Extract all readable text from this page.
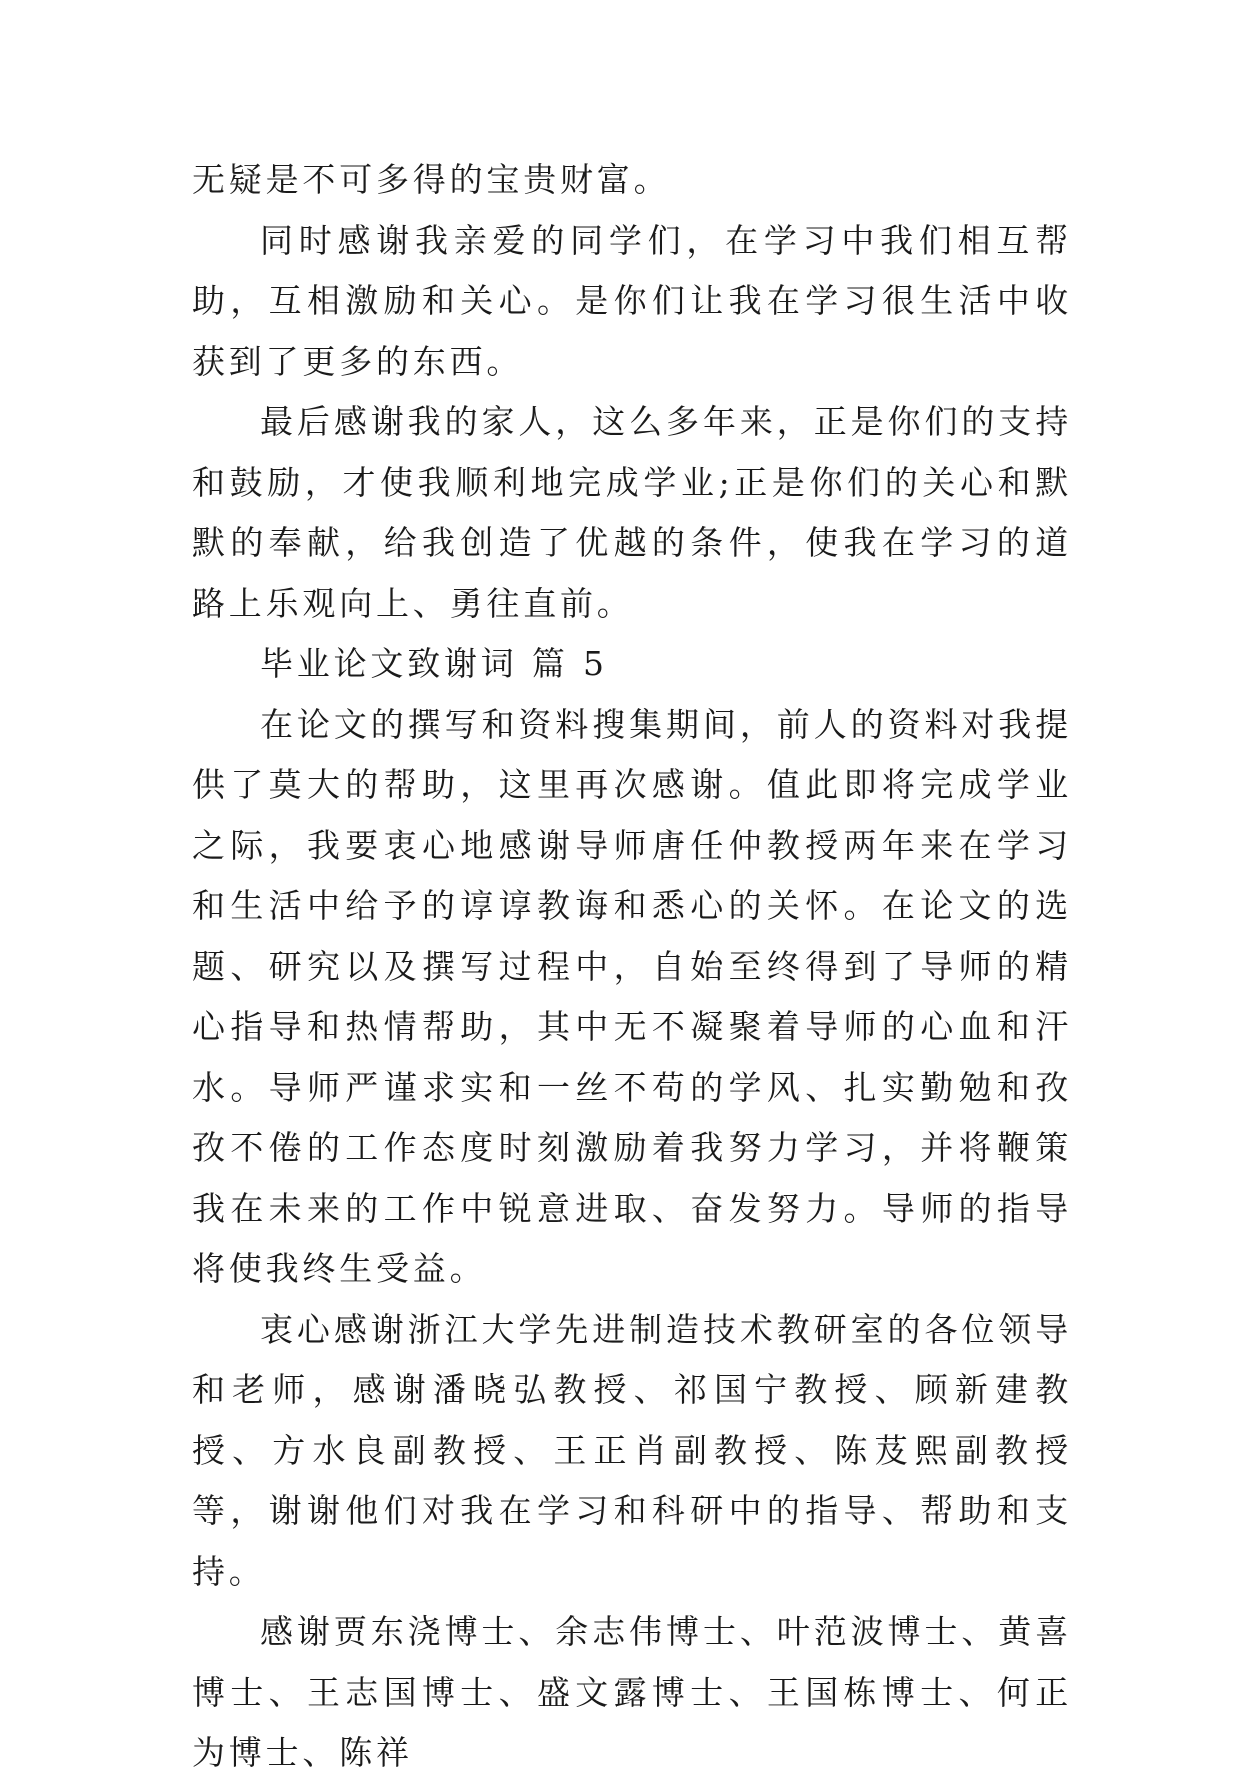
无疑是不可多得的宝贵财富。

同时感谢我亲爱的同学们，在学习中我们相互帮助，互相激励和关心。是你们让我在学习很生活中收获到了更多的东西。

最后感谢我的家人，这么多年来，正是你们的支持和鼓励，才使我顺利地完成学业;正是你们的关心和默默的奉献，给我创造了优越的条件，使我在学习的道路上乐观向上、勇往直前。

毕业论文致谢词 篇 5

在论文的撰写和资料搜集期间，前人的资料对我提供了莫大的帮助，这里再次感谢。值此即将完成学业之际，我要衷心地感谢导师唐任仲教授两年来在学习和生活中给予的谆谆教诲和悉心的关怀。在论文的选题、研究以及撰写过程中，自始至终得到了导师的精心指导和热情帮助，其中无不凝聚着导师的心血和汗水。导师严谨求实和一丝不苟的学风、扎实勤勉和孜孜不倦的工作态度时刻激励着我努力学习，并将鞭策我在未来的工作中锐意进取、奋发努力。导师的指导将使我终生受益。

衷心感谢浙江大学先进制造技术教研室的各位领导和老师，感谢潘晓弘教授、祁国宁教授、顾新建教授、方水良副教授、王正肖副教授、陈芨熙副教授等，谢谢他们对我在学习和科研中的指导、帮助和支持。

感谢贾东浇博士、余志伟博士、叶范波博士、黄喜博士、王志国博士、盛文露博士、王国栋博士、何正为博士、陈祥
